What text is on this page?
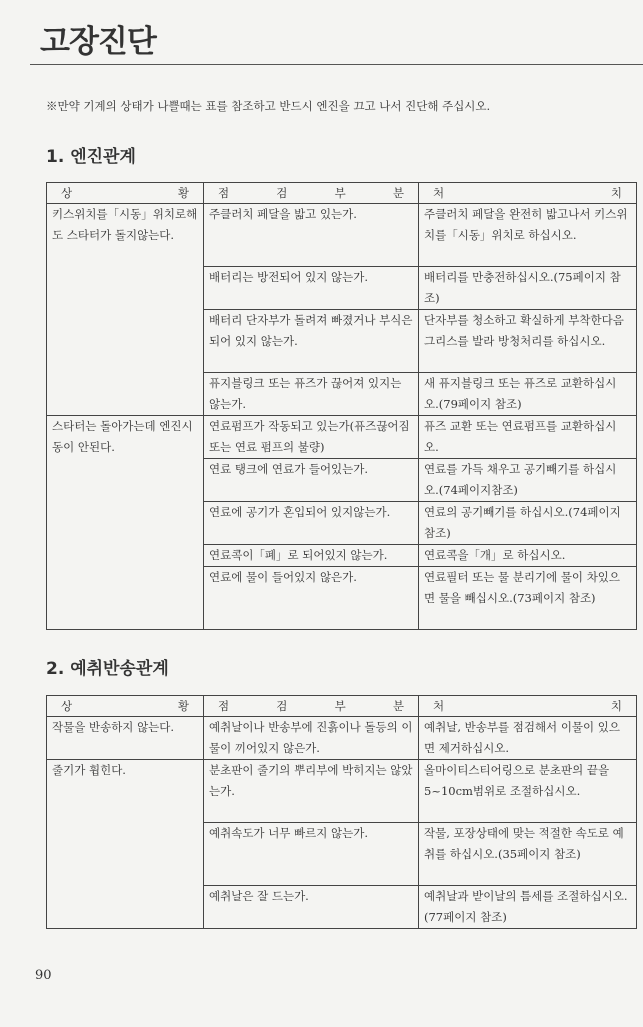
고장진단
※만약 기계의 상태가 나쁠때는 표를 참조하고 반드시 엔진을 끄고 나서 진단해 주십시오.
1. 엔진관계
상 황	점 검 부 분	처 치

키스위치를「시동」위치로해도 스타터가 돌지않는다.	주클러치 페달을 밟고 있는가.	주클러치 페달을 완전히 밟고나서 키스위치를「시동」위치로 하십시오.
	배터리는 방전되어 있지 않는가.	배터리를 만충전하십시오.(75페이지 참조)
	배터리 단자부가 돌려져 빠졌거나 부식은되어 있지 않는가.	단자부를 청소하고 확실하게 부착한다음 그리스를 발라 방청처리를 하십시오.
	퓨지블링크 또는 퓨즈가 끊어져 있지는 않는가.	새 퓨지블링크 또는 퓨즈로 교환하십시오.(79페이지 참조)
스타터는 돌아가는데 엔진시동이 안된다.	연료펌프가 작동되고 있는가(퓨즈끊어짐 또는 연료 펌프의 불량)	퓨즈 교환 또는 연료펌프를 교환하십시오.
	연료 탱크에 연료가 들어있는가.	연료를 가득 채우고 공기빼기를 하십시오.(74페이지참조)
	연료에 공기가 혼입되어 있지않는가.	연료의 공기빼기를 하십시오.(74페이지 참조)
	연료콕이「폐」로 되어있지 않는가.	연료콕을「개」로 하십시오.
	연료에 물이 들어있지 않은가.	연료필터 또는 물 분리기에 물이 차있으면 물을 빼십시오.(73페이지 참조)
2. 예취반송관계
상 황	점 검 부 분	처 치

작물을 반송하지 않는다.	예취날이나 반송부에 진흙이나 돌등의 이물이 끼어있지 않은가.	예취날, 반송부를 점검해서 이물이 있으면 제거하십시오.
줄기가 휩힌다.	분초판이 줄기의 뿌리부에 박히지는 않았는가.	올마이티스티어링으로 분초판의 끝을 5~10cm범위로 조절하십시오.
	예취속도가 너무 빠르지 않는가.	작물, 포장상태에 맞는 적절한 속도로 예취를 하십시오.(35페이지 참조)
	예취날은 잘 드는가.	예취날과 받이날의 틈세를 조절하십시오.(77페이지 참조)
90
